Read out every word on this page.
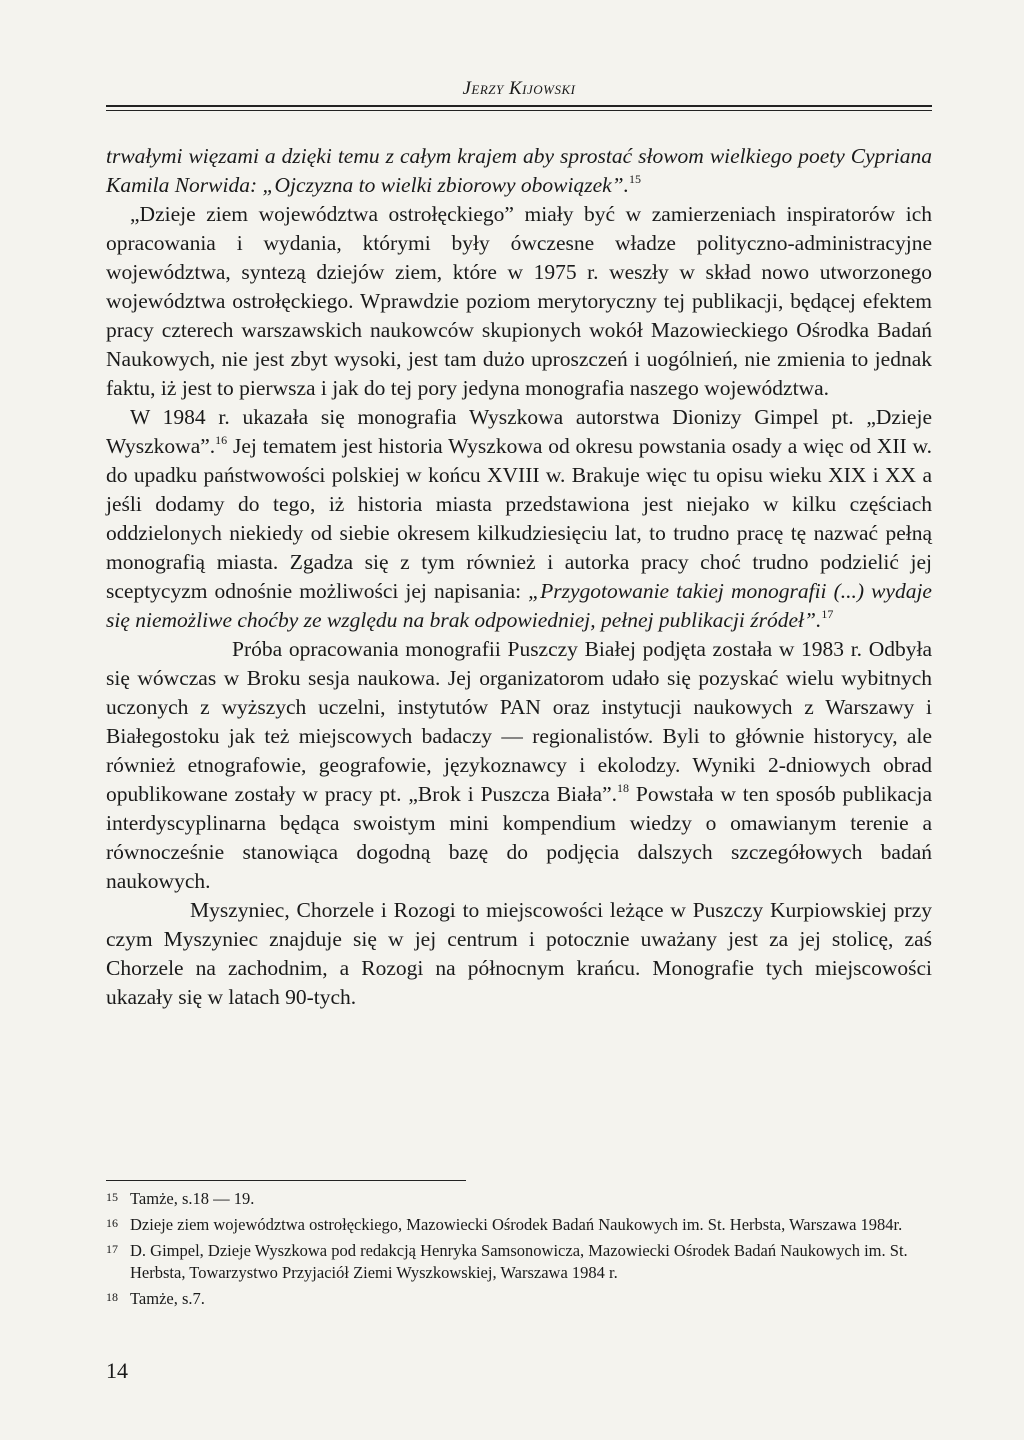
Jerzy Kijowski

trwałymi więzami a dzięki temu z całym krajem aby sprostać słowom wielkiego poety Cypriana Kamila Norwida: „Ojczyzna to wielki zbiorowy obowiązek”.$^{15}$

„Dzieje ziem województwa ostrołęckiego” miały być w zamierzeniach inspiratorów ich opracowania i wydania, którymi były ówczesne władze polityczno-administracyjne województwa, syntezą dziejów ziem, które w 1975 r. weszły w skład nowo utworzonego województwa ostrołęckiego. Wprawdzie poziom merytoryczny tej publikacji, będącej efektem pracy czterech warszawskich naukowców skupionych wokół Mazowieckiego Ośrodka Badań Naukowych, nie jest zbyt wysoki, jest tam dużo uproszczeń i uogólnień, nie zmienia to jednak faktu, iż jest to pierwsza i jak do tej pory jedyna monografia naszego województwa.

W 1984 r. ukazała się monografia Wyszkowa autorstwa Dionizy Gimpel pt. „Dzieje Wyszkowa”.$^{16}$ Jej tematem jest historia Wyszkowa od okresu powstania osady a więc od XII w. do upadku państwowości polskiej w końcu XVIII w. Brakuje więc tu opisu wieku XIX i XX a jeśli dodamy do tego, iż historia miasta przedstawiona jest niejako w kilku częściach oddzielonych niekiedy od siebie okresem kilkudziesięciu lat, to trudno pracę tę nazwać pełną monografią miasta. Zgadza się z tym również i autorka pracy choć trudno podzielić jej sceptycyzm odnośnie możliwości jej napisania: „Przygotowanie takiej monografii (...) wydaje się niemożliwe choćby ze względu na brak odpowiedniej, pełnej publikacji źródeł”.$^{17}$

Próba opracowania monografii Puszczy Białej podjęta została w 1983 r. Odbyła się wówczas w Broku sesja naukowa. Jej organizatorom udało się pozyskać wielu wybitnych uczonych z wyższych uczelni, instytutów PAN oraz instytucji naukowych z Warszawy i Białegostoku jak też miejscowych badaczy — regionalistów. Byli to głównie historycy, ale również etnografowie, geografowie, językoznawcy i ekolodzy. Wyniki 2-dniowych obrad opublikowane zostały w pracy pt. „Brok i Puszcza Biała”.$^{18}$ Powstała w ten sposób publikacja interdyscyplinarna będąca swoistym mini kompendium wiedzy o omawianym terenie a równocześnie stanowiąca dogodną bazę do podjęcia dalszych szczegółowych badań naukowych.

Myszyniec, Chorzele i Rozogi to miejscowości leżące w Puszczy Kurpiowskiej przy czym Myszyniec znajduje się w jej centrum i potocznie uważany jest za jej stolicę, zaś Chorzele na zachodnim, a Rozogi na północnym krańcu. Monografie tych miejscowości ukazały się w latach 90-tych.

15 Tamże, s.18 — 19.
16 Dzieje ziem województwa ostrołęckiego, Mazowiecki Ośrodek Badań Naukowych im. St. Herbsta, Warszawa 1984r.
17 D. Gimpel, Dzieje Wyszkowa pod redakcją Henryka Samsonowicza, Mazowiecki Ośrodek Badań Naukowych im. St. Herbsta, Towarzystwo Przyjaciół Ziemi Wyszkowskiej, Warszawa 1984 r.
18 Tamże, s.7.
14
